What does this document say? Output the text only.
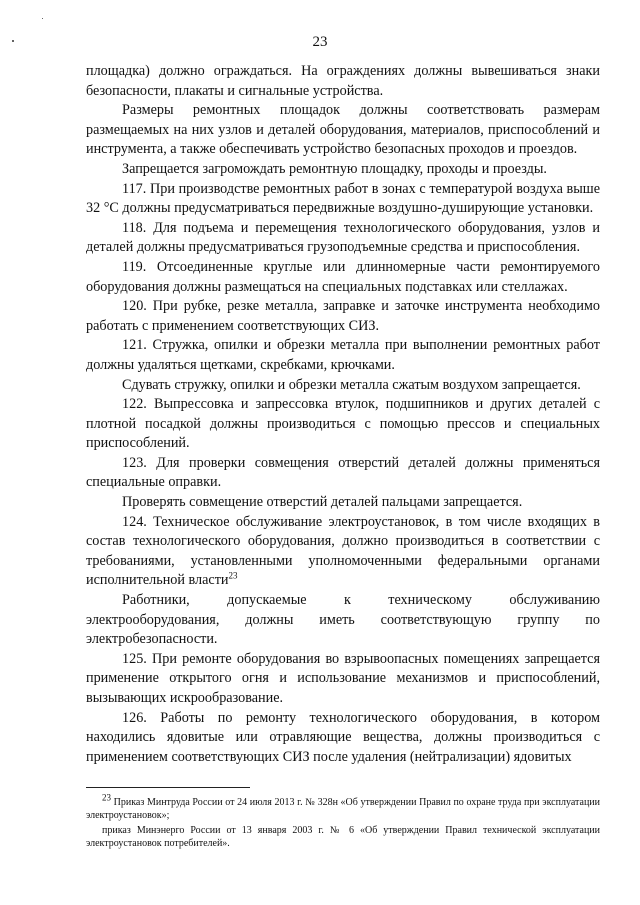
23

площадка) должно ограждаться. На ограждениях должны вывешиваться знаки безопасности, плакаты и сигнальные устройства.

Размеры ремонтных площадок должны соответствовать размерам размещаемых на них узлов и деталей оборудования, материалов, приспособлений и инструмента, а также обеспечивать устройство безопасных проходов и проездов.

Запрещается загромождать ремонтную площадку, проходы и проезды.

117. При производстве ремонтных работ в зонах с температурой воздуха выше 32 °С должны предусматриваться передвижные воздушно-душирующие установки.

118. Для подъема и перемещения технологического оборудования, узлов и деталей должны предусматриваться грузоподъемные средства и приспособления.

119. Отсоединенные круглые или длинномерные части ремонтируемого оборудования должны размещаться на специальных подставках или стеллажах.

120. При рубке, резке металла, заправке и заточке инструмента необходимо работать с применением соответствующих СИЗ.

121. Стружка, опилки и обрезки металла при выполнении ремонтных работ должны удаляться щетками, скребками, крючками.

Сдувать стружку, опилки и обрезки металла сжатым воздухом запрещается.

122. Выпрессовка и запрессовка втулок, подшипников и других деталей с плотной посадкой должны производиться с помощью прессов и специальных приспособлений.

123. Для проверки совмещения отверстий деталей должны применяться специальные оправки.

Проверять совмещение отверстий деталей пальцами запрещается.

124. Техническое обслуживание электроустановок, в том числе входящих в состав технологического оборудования, должно производиться в соответствии с требованиями, установленными уполномоченными федеральными органами исполнительной власти$^{23}$

Работники, допускаемые к техническому обслуживанию электрооборудования, должны иметь соответствующую группу по электробезопасности.

125. При ремонте оборудования во взрывоопасных помещениях запрещается применение открытого огня и использование механизмов и приспособлений, вызывающих искрообразование.

126. Работы по ремонту технологического оборудования, в котором находились ядовитые или отравляющие вещества, должны производиться с применением соответствующих СИЗ после удаления (нейтрализации) ядовитых

$^{23}$ Приказ Минтруда России от 24 июля 2013 г. № 328н «Об утверждении Правил по охране труда при эксплуатации электроустановок»;

приказ Минэнерго России от 13 января 2003 г. № 6 «Об утверждении Правил технической эксплуатации электроустановок потребителей».
